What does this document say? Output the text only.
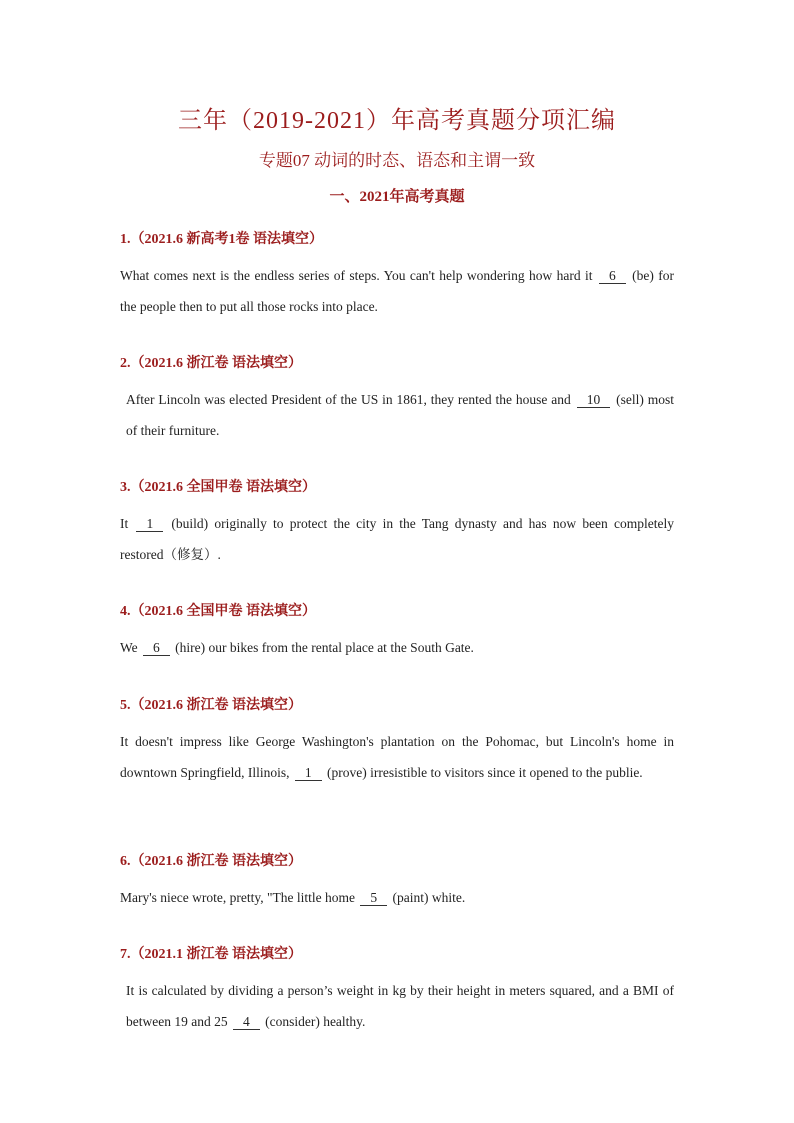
三年（2019-2021）年高考真题分项汇编
专题07 动词的时态、语态和主谓一致
一、2021年高考真题
1.（2021.6 新高考1卷 语法填空）
What comes next is the endless series of steps. You can't help wondering how hard it 6 (be) for the people then to put all those rocks into place.
2.（2021.6 浙江卷 语法填空）
After Lincoln was elected President of the US in 1861, they rented the house and 10 (sell) most of their furniture.
3.（2021.6 全国甲卷 语法填空）
It 1 (build) originally to protect the city in the Tang dynasty and has now been completely restored（修复）.
4.（2021.6 全国甲卷 语法填空）
We 6 (hire) our bikes from the rental place at the South Gate.
5.（2021.6 浙江卷 语法填空）
It doesn't impress like George Washington's plantation on the Pohomac, but Lincoln's home in downtown Springfield, Illinois, 1 (prove) irresistible to visitors since it opened to the publie.
6.（2021.6 浙江卷 语法填空）
Mary's niece wrote, pretty, "The little home 5 (paint) white.
7.（2021.1 浙江卷 语法填空）
It is calculated by dividing a person’s weight in kg by their height in meters squared, and a BMI of between 19 and 25 4 (consider) healthy.
